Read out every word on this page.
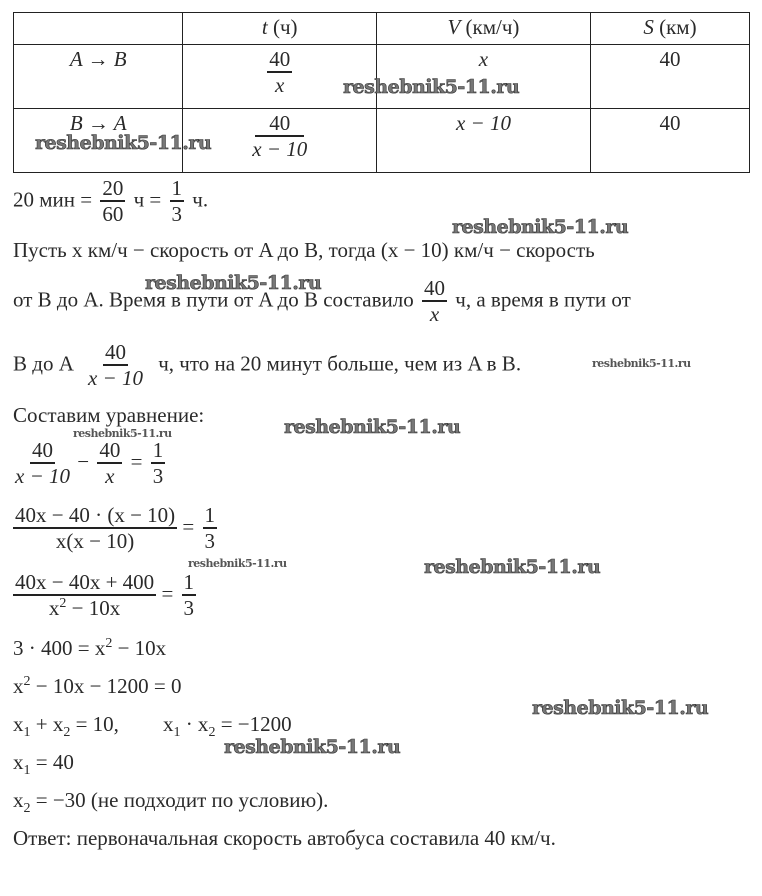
	t (ч)	V (км/ч)	S (км)
A → B	$\frac{40}{x}$	x	40
B → A	$\frac{40}{x - 10}$	x − 10	40
20 мин = $\frac{20}{60}$ $ч = \frac{1}{3} ч$.
Пусть x км/ч − скорость от A до B, тогда (x − 10) км/ч − скорость
от B до A. Время в пути от A до B составило $\frac{40}{x} ч$, а время в пути от
B до A $\frac{40}{x - 10} ч$, что на 20 минут больше, чем из A в B.
Составим уравнение:
$\frac{40}{x - 10} - \frac{40}{x} = \frac{1}{3}$
$\frac{40x - 40 \cdot (x - 10)}{x(x - 10)} = \frac{1}{3}$
$\frac{40x - 40x + 400}{x^2 - 10x} = \frac{1}{3}$
$3 \cdot 400 = x^2 - 10x$
$x^2 - 10x - 1200 = 0$
$x_1 + x_2 = 10$, $x_1 \cdot x_2 = -1200$
$x_1 = 40$
$x_2 = -30$ (не подходит по условию).
Ответ: первоначальная скорость автобуса составила 40 км/ч.
reshebnik5-11.ru
reshebnik5-11.ru
reshebnik5-11.ru
reshebnik5-11.ru
reshebnik5-11.ru
reshebnik5-11.ru	reshebnik5-11.ru
reshebnik5-11.ru	reshebnik5-11.ru
reshebnik5-11.ru
reshebnik5-11.ru
